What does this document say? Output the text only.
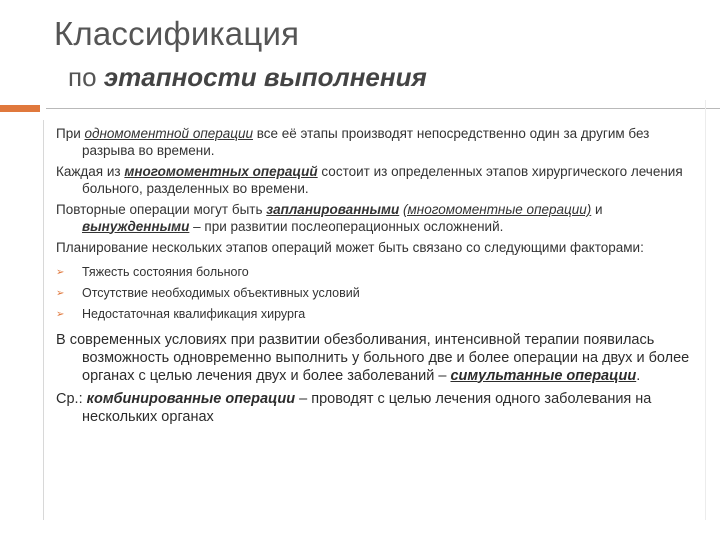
Классификация
по этапности выполнения

При одномоментной операции все её этапы производят непосредственно один за другим без разрыва во времени.

Каждая из многомоментных операций состоит из определенных этапов хирургического лечения больного, разделенных во времени.

Повторные операции могут быть запланированными (многомоментные операции) и вынужденными – при развитии послеоперационных осложнений.

Планирование нескольких этапов операций может быть связано со следующими факторами:

➢ Тяжесть состояния больного
➢ Отсутствие необходимых объективных условий
➢ Недостаточная квалификация хирурга

В современных условиях при развитии обезболивания, интенсивной терапии появилась возможность одновременно выполнить у больного две и более операции на двух и более органах с целью лечения двух и более заболеваний – симультанные операции.

Ср.: комбинированные операции – проводят с целью лечения одного заболевания на нескольких органах
